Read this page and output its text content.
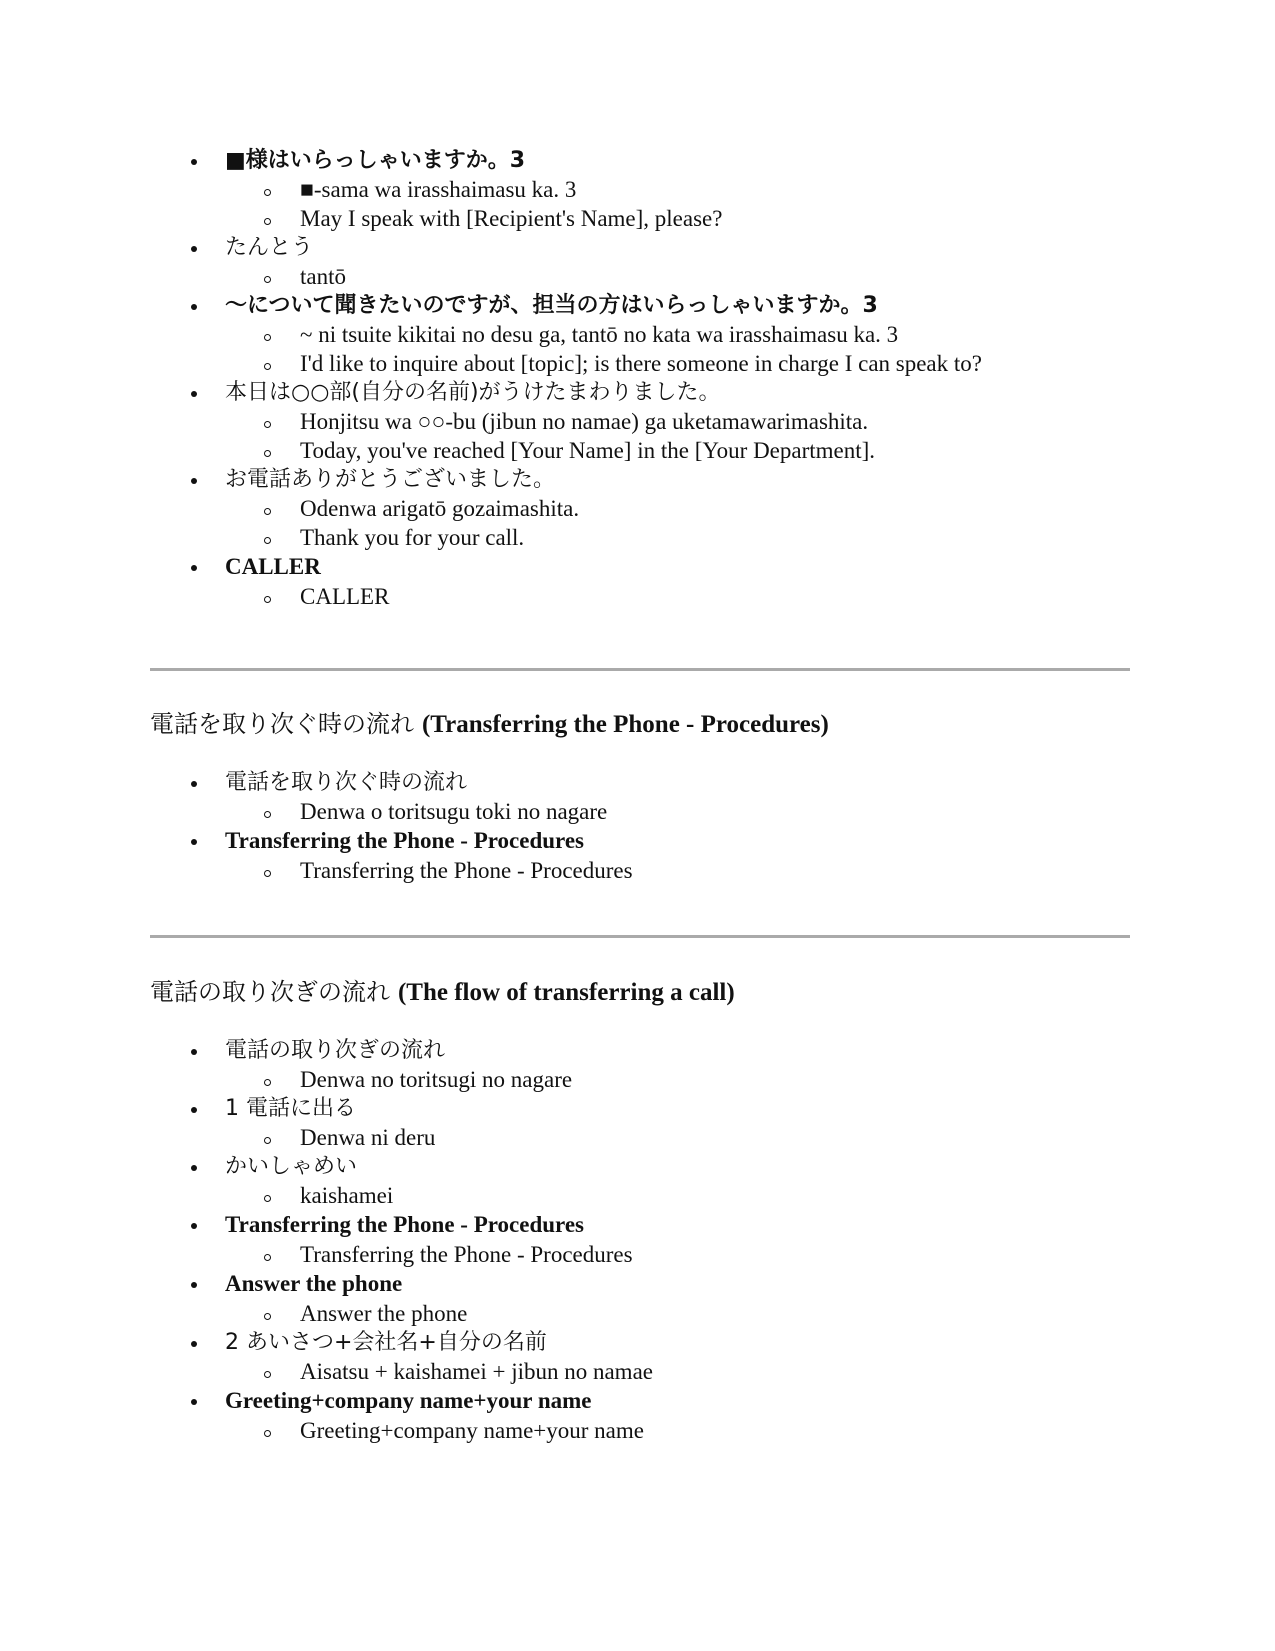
■様はいらっしゃいますか。3
■-sama wa irasshaimasu ka. 3
May I speak with [Recipient's Name], please?
たんとう
tantō
〜について聞きたいのですが、担当の方はいらっしゃいますか。3
~ ni tsuite kikitai no desu ga, tantō no kata wa irasshaimasu ka. 3
I'd like to inquire about [topic]; is there someone in charge I can speak to?
本日は○○部(自分の名前)がうけたまわりました。
Honjitsu wa ○○-bu (jibun no namae) ga uketamawarimashita.
Today, you've reached [Your Name] in the [Your Department].
お電話ありがとうございました。
Odenwa arigatō gozaimashita.
Thank you for your call.
CALLER
CALLER
電話を取り次ぐ時の流れ (Transferring the Phone - Procedures)
電話を取り次ぐ時の流れ
Denwa o toritsugu toki no nagare
Transferring the Phone - Procedures
Transferring the Phone - Procedures
電話の取り次ぎの流れ (The flow of transferring a call)
電話の取り次ぎの流れ
Denwa no toritsugi no nagare
1 電話に出る
Denwa ni deru
かいしゃめい
kaishamei
Transferring the Phone - Procedures
Transferring the Phone - Procedures
Answer the phone
Answer the phone
2 あいさつ+会社名+自分の名前
Aisatsu + kaishamei + jibun no namae
Greeting+company name+your name
Greeting+company name+your name
